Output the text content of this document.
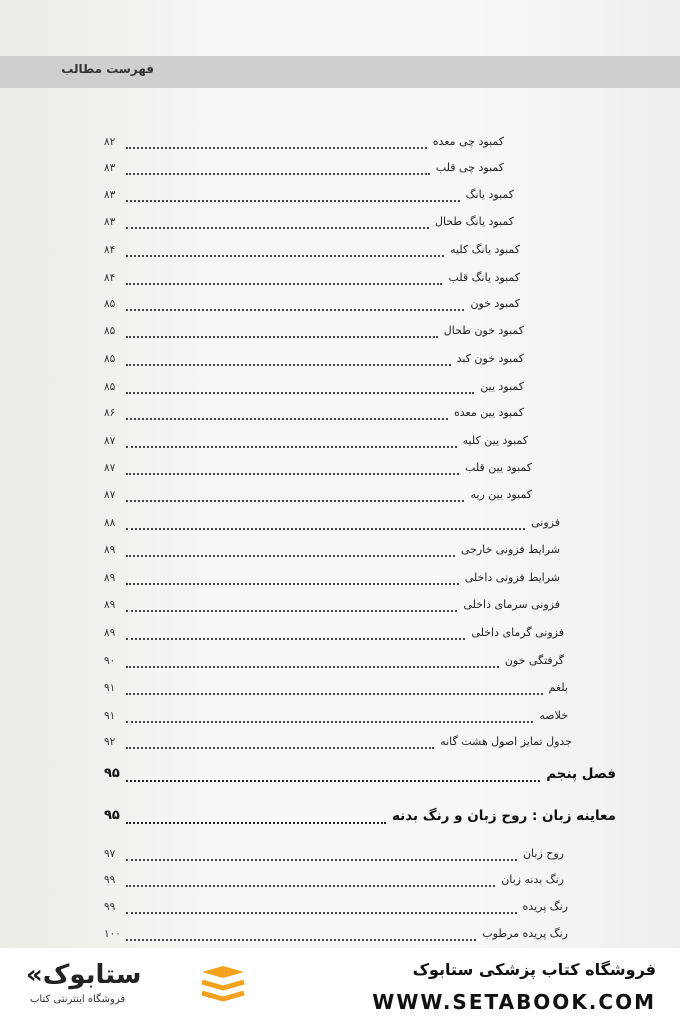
فهرست مطالب
کمبود چی معده
۸۲
کمبود چی قلب
۸۳
کمبود یانگ
۸۳
کمبود یانگ طحال
۸۳
کمبود یانگ کلیه
۸۴
کمبود یانگ قلب
۸۴
کمبود خون
۸۵
کمبود خون طحال
۸۵
کمبود خون کبد
۸۵
کمبود یین
۸۵
کمبود یین معده
۸۶
کمبود یین کلیه
۸۷
کمبود یین قلب
۸۷
کمبود یین ریه
۸۷
فزونی
۸۸
شرایط فزونی خارجی
۸۹
شرایط فزونی داخلی
۸۹
فزونی سرمای داخلی
۸۹
فزونی گرمای داخلی
۸۹
گرفتگی خون
۹۰
بلغم
۹۱
خلاصه
۹۱
جدول تمایز اصول هشت گانه
۹۲
فصل پنجم
۹۵
معاینه زبان : روح زبان و رنگ بدنه
۹۵
روح زبان
۹۷
رنگ بدنه زبان
۹۹
رنگ پریده
۹۹
رنگ پریده مرطوب
۱۰۰
«ستابوک
فروشگاه اینترنتی کتاب
فروشگاه کتاب پزشکی ستابوک
WWW.SETABOOK.COM
